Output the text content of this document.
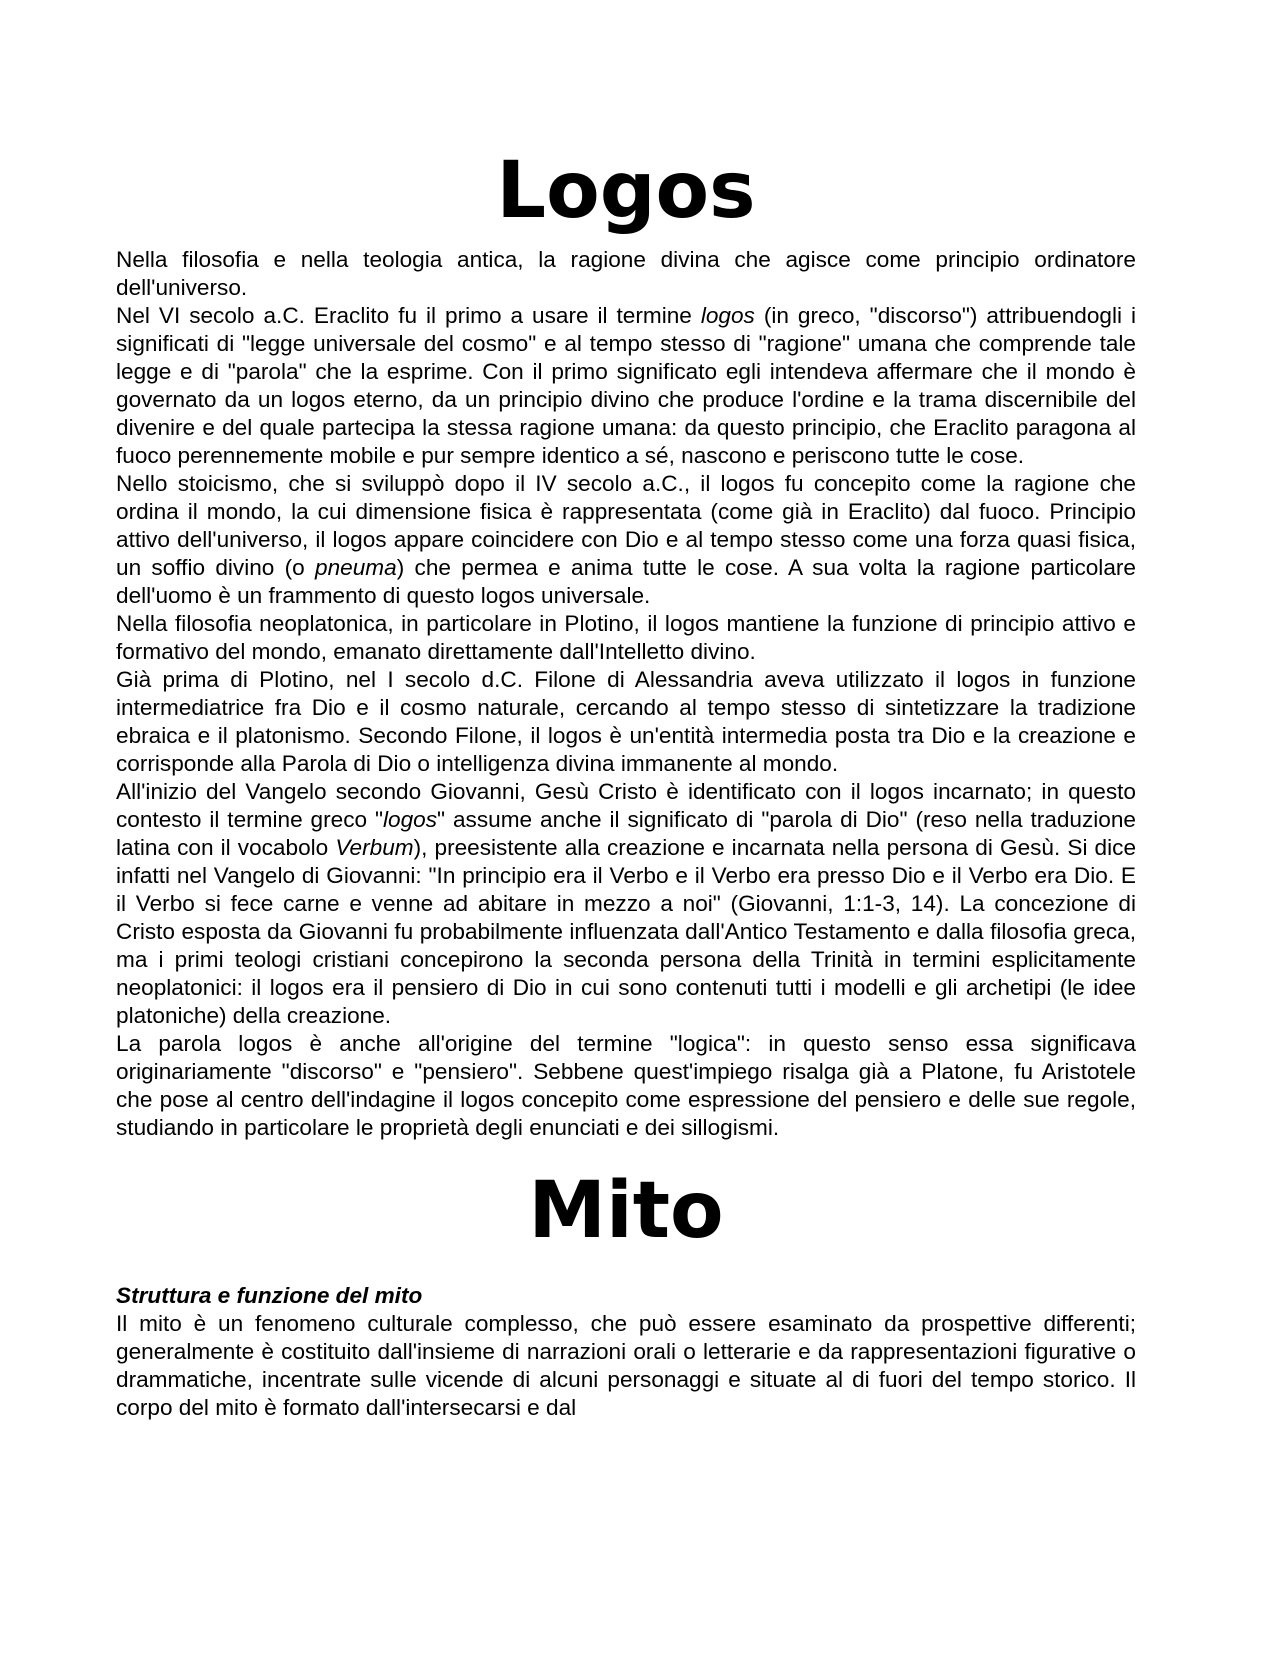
Logos

Nella filosofia e nella teologia antica, la ragione divina che agisce come principio ordinatore dell'universo.

Nel VI secolo a.C. Eraclito fu il primo a usare il termine logos (in greco, "discorso") attribuendogli i significati di "legge universale del cosmo" e al tempo stesso di "ragione" umana che comprende tale legge e di "parola" che la esprime. Con il primo significato egli intendeva affermare che il mondo è governato da un logos eterno, da un principio divino che produce l'ordine e la trama discernibile del divenire e del quale partecipa la stessa ragione umana: da questo principio, che Eraclito paragona al fuoco perennemente mobile e pur sempre identico a sé, nascono e periscono tutte le cose.

Nello stoicismo, che si sviluppò dopo il IV secolo a.C., il logos fu concepito come la ragione che ordina il mondo, la cui dimensione fisica è rappresentata (come già in Eraclito) dal fuoco. Principio attivo dell'universo, il logos appare coincidere con Dio e al tempo stesso come una forza quasi fisica, un soffio divino (o pneuma) che permea e anima tutte le cose. A sua volta la ragione particolare dell'uomo è un frammento di questo logos universale.

Nella filosofia neoplatonica, in particolare in Plotino, il logos mantiene la funzione di principio attivo e formativo del mondo, emanato direttamente dall'Intelletto divino.

Già prima di Plotino, nel I secolo d.C. Filone di Alessandria aveva utilizzato il logos in funzione intermediatrice fra Dio e il cosmo naturale, cercando al tempo stesso di sintetizzare la tradizione ebraica e il platonismo. Secondo Filone, il logos è un'entità intermedia posta tra Dio e la creazione e corrisponde alla Parola di Dio o intelligenza divina immanente al mondo.

All'inizio del Vangelo secondo Giovanni, Gesù Cristo è identificato con il logos incarnato; in questo contesto il termine greco "logos" assume anche il significato di "parola di Dio" (reso nella traduzione latina con il vocabolo Verbum), preesistente alla creazione e incarnata nella persona di Gesù. Si dice infatti nel Vangelo di Giovanni: "In principio era il Verbo e il Verbo era presso Dio e il Verbo era Dio. E il Verbo si fece carne e venne ad abitare in mezzo a noi" (Giovanni, 1:1-3, 14). La concezione di Cristo esposta da Giovanni fu probabilmente influenzata dall'Antico Testamento e dalla filosofia greca, ma i primi teologi cristiani concepirono la seconda persona della Trinità in termini esplicitamente neoplatonici: il logos era il pensiero di Dio in cui sono contenuti tutti i modelli e gli archetipi (le idee platoniche) della creazione.

La parola logos è anche all'origine del termine "logica": in questo senso essa significava originariamente "discorso" e "pensiero". Sebbene quest'impiego risalga già a Platone, fu Aristotele che pose al centro dell'indagine il logos concepito come espressione del pensiero e delle sue regole, studiando in particolare le proprietà degli enunciati e dei sillogismi.

Mito

Struttura e funzione del mito

Il mito è un fenomeno culturale complesso, che può essere esaminato da prospettive differenti; generalmente è costituito dall'insieme di narrazioni orali o letterarie e da rappresentazioni figurative o drammatiche, incentrate sulle vicende di alcuni personaggi e situate al di fuori del tempo storico. Il corpo del mito è formato dall'intersecarsi e dal
